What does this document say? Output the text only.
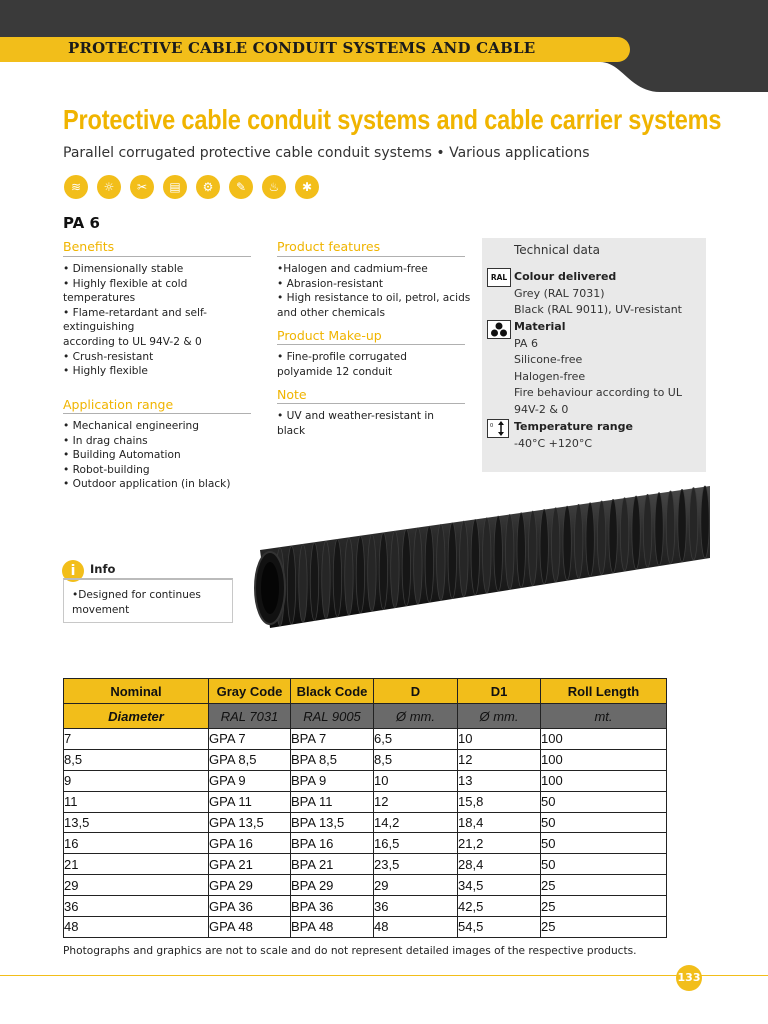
PROTECTIVE CABLE CONDUIT SYSTEMS AND CABLE
Protective cable conduit systems and cable carrier systems
Parallel corrugated protective cable conduit systems • Various applications
≋	☼	✂	▤	⚙	✎	♨	✱
PA 6
Benefits
• Dimensionally stable
• Highly flexible at cold
temperatures
• Flame-retardant and self-
extinguishing
according to UL 94V-2 & 0
• Crush-resistant
• Highly flexible
Application range
• Mechanical engineering
• In drag chains
• Building Automation
• Robot-building
• Outdoor application (in black)
Product features
•Halogen and cadmium-free
• Abrasion-resistant
• High resistance to oil, petrol, acids
and other chemicals
Product Make-up
• Fine-profile corrugated
polyamide 12 conduit
Note
• UV and weather-resistant in
black
Technical data
RAL Colour delivered
Grey (RAL 7031)
Black (RAL 9011), UV-resistant
Material
PA 6
Silicone-free
Halogen-free
Fire behaviour according to UL
94V-2 & 0
0 Temperature range
-40°C +120°C
i	Info
•Designed for continues movement
Nominal	Gray Code	Black Code	D	D1	Roll Length
Diameter	RAL 7031	RAL 9005	Ø mm.	Ø mm.	mt.
7	GPA 7	BPA 7	6,5	10	100
8,5	GPA 8,5	BPA 8,5	8,5	12	100
9	GPA 9	BPA 9	10	13	100
11	GPA 11	BPA 11	12	15,8	50
13,5	GPA 13,5	BPA 13,5	14,2	18,4	50
16	GPA 16	BPA 16	16,5	21,2	50
21	GPA 21	BPA 21	23,5	28,4	50
29	GPA 29	BPA 29	29	34,5	25
36	GPA 36	BPA 36	36	42,5	25
48	GPA 48	BPA 48	48	54,5	25
Photographs and graphics are not to scale and do not represent detailed images of the respective products.
133
